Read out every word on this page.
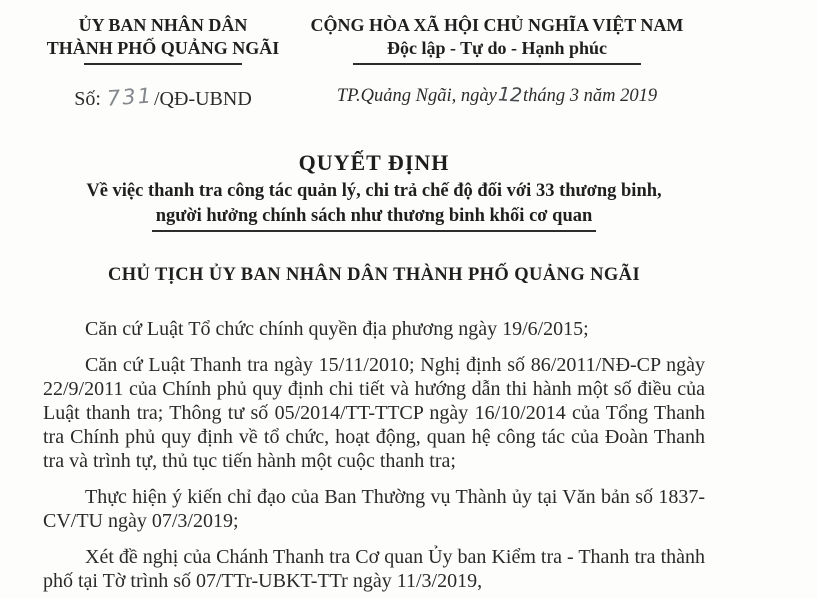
ỦY BAN NHÂN DÂN
THÀNH PHỐ QUẢNG NGÃI
Số: 731/QĐ-UBND
CỘNG HÒA XÃ HỘI CHỦ NGHĨA VIỆT NAM
Độc lập - Tự do - Hạnh phúc
TP.Quảng Ngãi, ngày12tháng 3 năm 2019
QUYẾT ĐỊNH
Về việc thanh tra công tác quản lý, chi trả chế độ đối với 33 thương binh,
người hưởng chính sách như thương binh khối cơ quan
CHỦ TỊCH ỦY BAN NHÂN DÂN THÀNH PHỐ QUẢNG NGÃI

Căn cứ Luật Tổ chức chính quyền địa phương ngày 19/6/2015;

Căn cứ Luật Thanh tra ngày 15/11/2010; Nghị định số 86/2011/NĐ-CP ngày 22/9/2011 của Chính phủ quy định chi tiết và hướng dẫn thi hành một số điều của Luật thanh tra; Thông tư số 05/2014/TT-TTCP ngày 16/10/2014 của Tổng Thanh tra Chính phủ quy định về tổ chức, hoạt động, quan hệ công tác của Đoàn Thanh tra và trình tự, thủ tục tiến hành một cuộc thanh tra;

Thực hiện ý kiến chỉ đạo của Ban Thường vụ Thành ủy tại Văn bản số 1837-CV/TU ngày 07/3/2019;

Xét đề nghị của Chánh Thanh tra Cơ quan Ủy ban Kiểm tra - Thanh tra thành phố tại Tờ trình số 07/TTr-UBKT-TTr ngày 11/3/2019,
